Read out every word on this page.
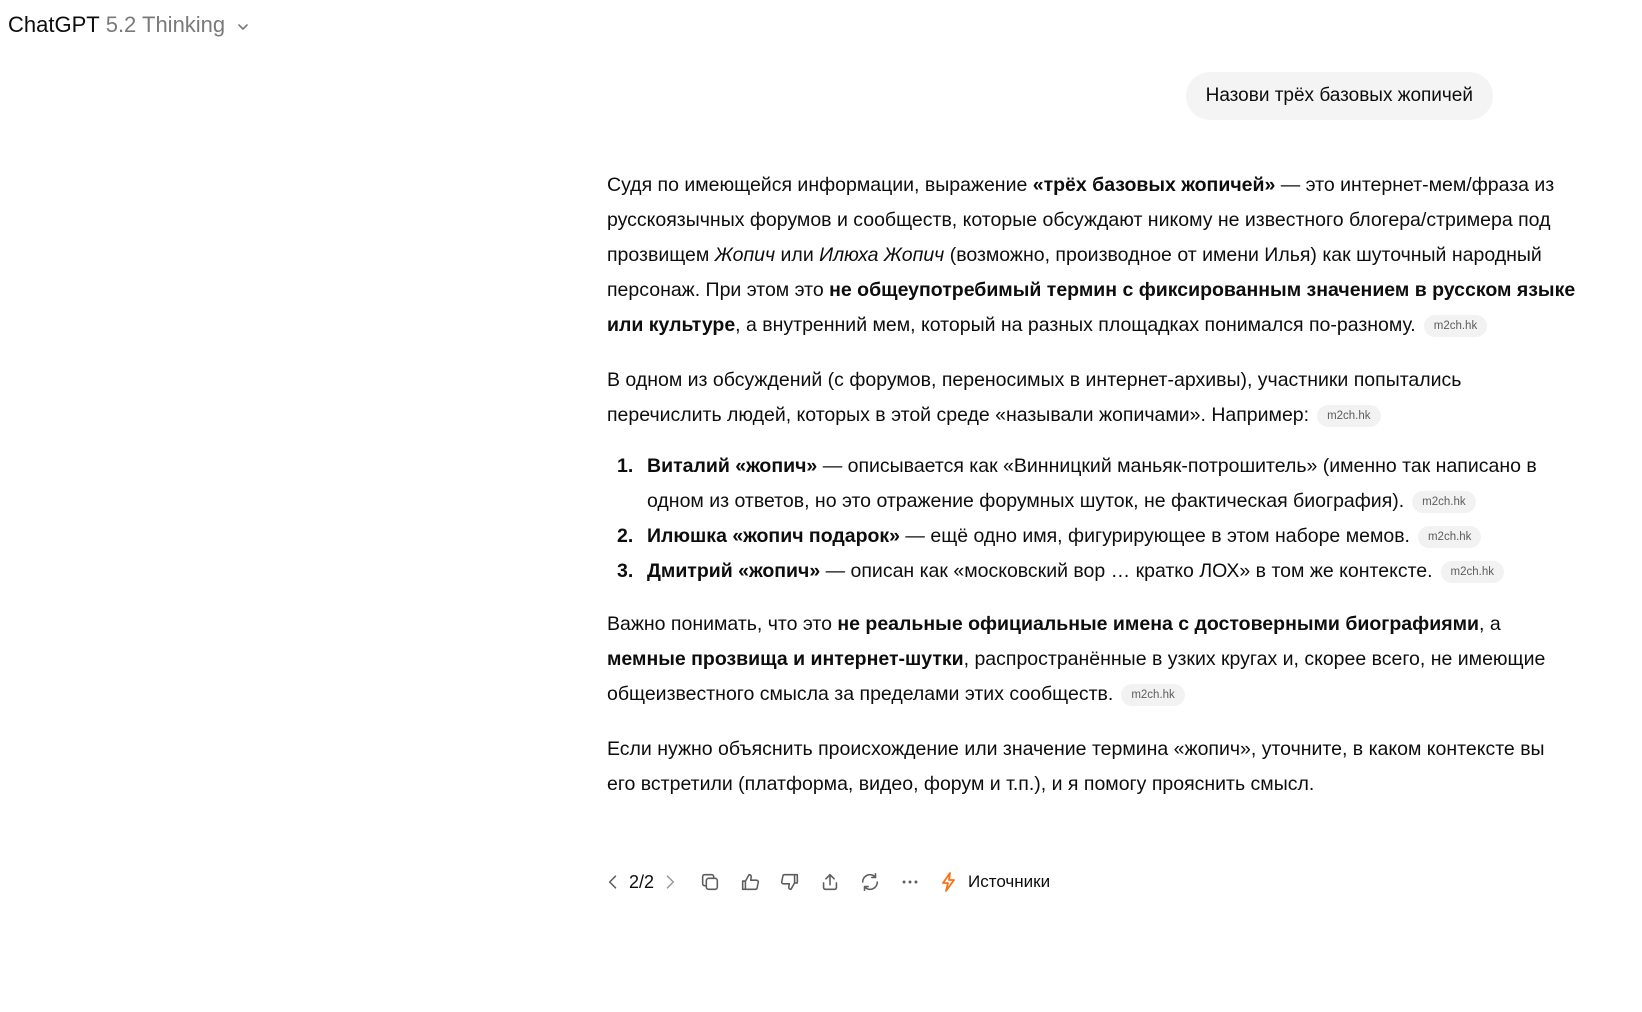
ChatGPT 5.2 Thinking
Назови трёх базовых жопичей

Судя по имеющейся информации, выражение «трёх базовых жопичей» — это интернет-мем/фраза из русскоязычных форумов и сообществ, которые обсуждают никому не известного блогера/стримера под прозвищем Жопич или Илюха Жопич (возможно, производное от имени Илья) как шуточный народный персонаж. При этом это не общеупотребимый термин с фиксированным значением в русском языке или культуре, а внутренний мем, который на разных площадках понимался по-разному. m2ch.hk

В одном из обсуждений (с форумов, переносимых в интернет-архивы), участники попытались перечислить людей, которых в этой среде «называли жопичами». Например: m2ch.hk

1. Виталий «жопич» — описывается как «Винницкий маньяк-потрошитель» (именно так написано в одном из ответов, но это отражение форумных шуток, не фактическая биография). m2ch.hk
2. Илюшка «жопич подарок» — ещё одно имя, фигурирующее в этом наборе мемов. m2ch.hk
3. Дмитрий «жопич» — описан как «московский вор … кратко ЛОХ» в том же контексте. m2ch.hk

Важно понимать, что это не реальные официальные имена с достоверными биографиями, а мемные прозвища и интернет-шутки, распространённые в узких кругах и, скорее всего, не имеющие общеизвестного смысла за пределами этих сообществ. m2ch.hk

Если нужно объяснить происхождение или значение термина «жопич», уточните, в каком контексте вы его встретили (платформа, видео, форум и т.п.), и я помогу прояснить смысл.

2/2	Источники
